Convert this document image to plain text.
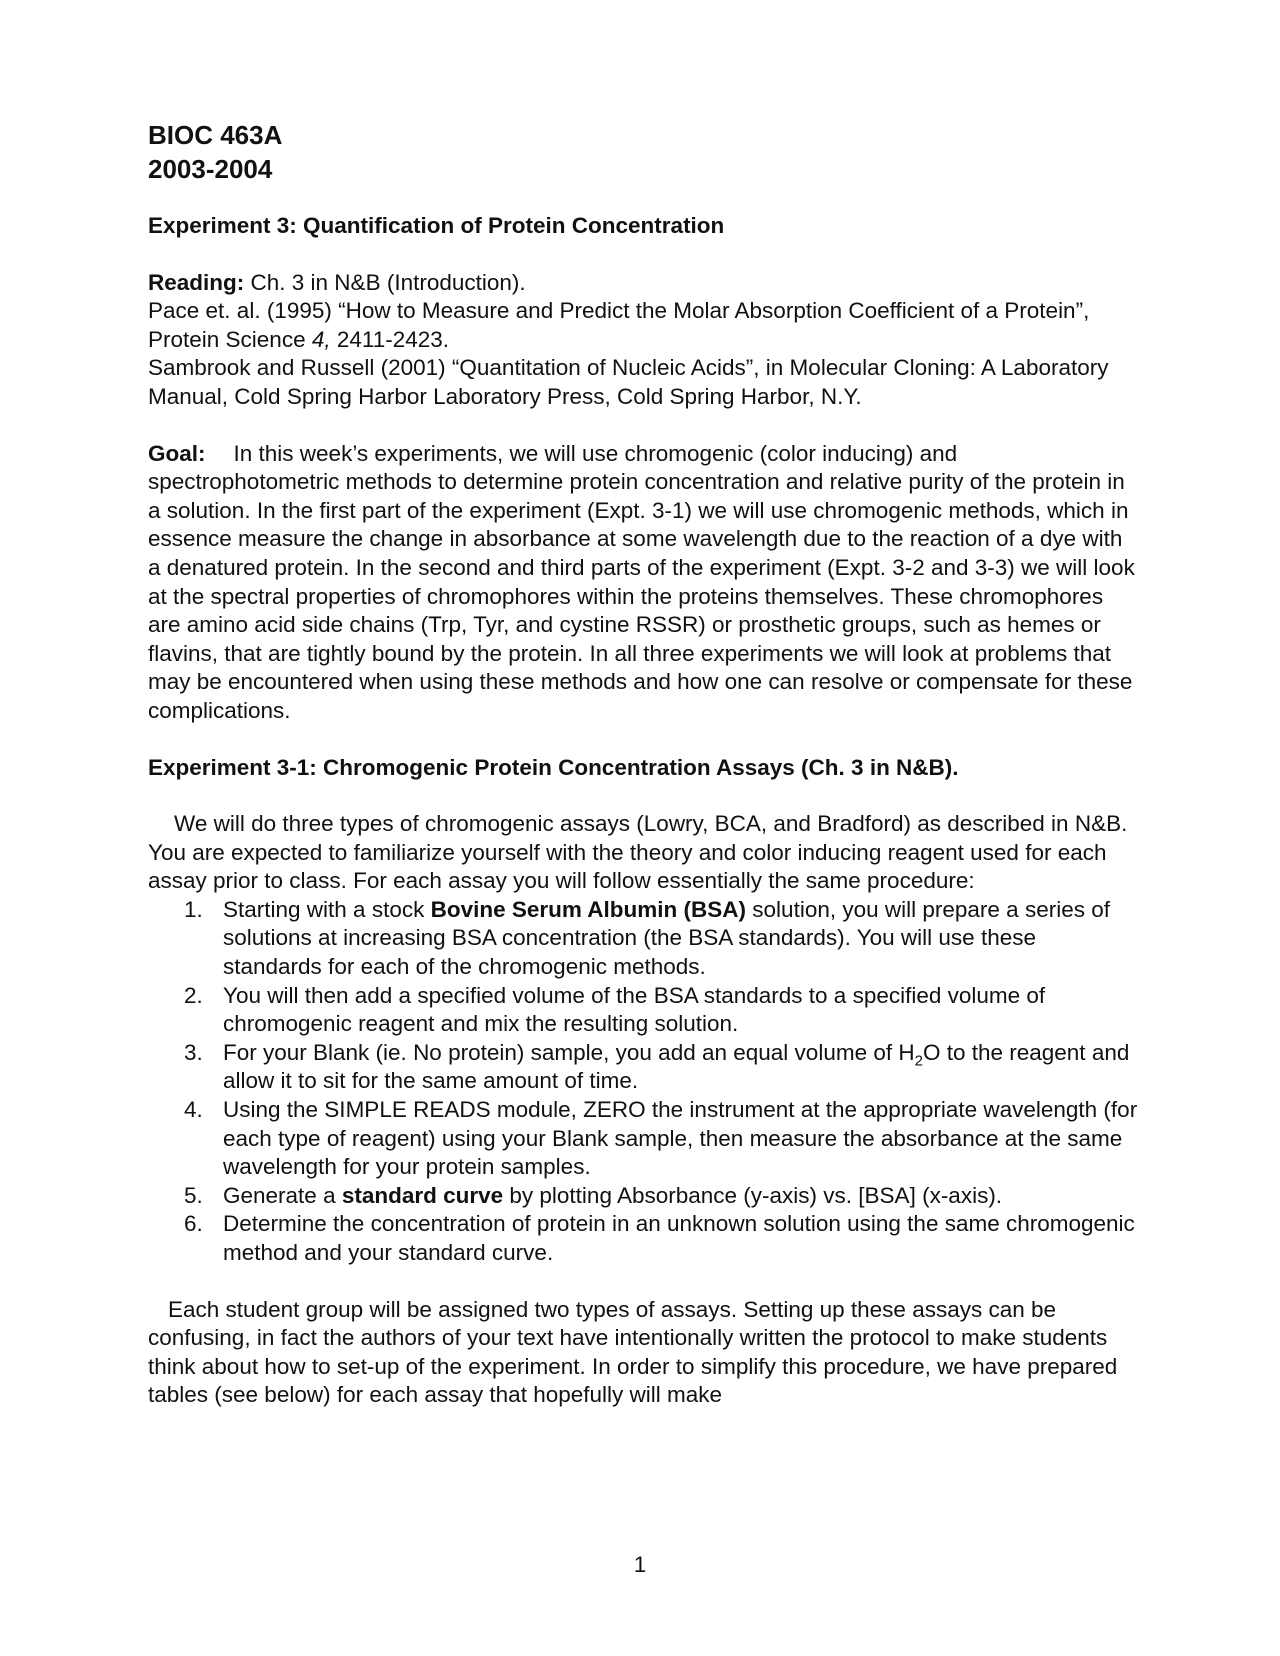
BIOC 463A
2003-2004

Experiment 3: Quantification of Protein Concentration

Reading: Ch. 3 in N&B (Introduction).

Pace et. al. (1995) “How to Measure and Predict the Molar Absorption Coefficient of a Protein”, Protein Science 4, 2411-2423.

Sambrook and Russell (2001) “Quantitation of Nucleic Acids”, in Molecular Cloning: A Laboratory Manual, Cold Spring Harbor Laboratory Press, Cold Spring Harbor, N.Y.

Goal: In this week’s experiments, we will use chromogenic (color inducing) and spectrophotometric methods to determine protein concentration and relative purity of the protein in a solution. In the first part of the experiment (Expt. 3-1) we will use chromogenic methods, which in essence measure the change in absorbance at some wavelength due to the reaction of a dye with a denatured protein. In the second and third parts of the experiment (Expt. 3-2 and 3-3) we will look at the spectral properties of chromophores within the proteins themselves. These chromophores are amino acid side chains (Trp, Tyr, and cystine RSSR) or prosthetic groups, such as hemes or flavins, that are tightly bound by the protein. In all three experiments we will look at problems that may be encountered when using these methods and how one can resolve or compensate for these complications.

Experiment 3-1: Chromogenic Protein Concentration Assays (Ch. 3 in N&B).

We will do three types of chromogenic assays (Lowry, BCA, and Bradford) as described in N&B. You are expected to familiarize yourself with the theory and color inducing reagent used for each assay prior to class. For each assay you will follow essentially the same procedure:

1. Starting with a stock Bovine Serum Albumin (BSA) solution, you will prepare a series of solutions at increasing BSA concentration (the BSA standards). You will use these standards for each of the chromogenic methods.
2. You will then add a specified volume of the BSA standards to a specified volume of chromogenic reagent and mix the resulting solution.
3. For your Blank (ie. No protein) sample, you add an equal volume of $H_2O$ to the reagent and allow it to sit for the same amount of time.
4. Using the SIMPLE READS module, ZERO the instrument at the appropriate wavelength (for each type of reagent) using your Blank sample, then measure the absorbance at the same wavelength for your protein samples.
5. Generate a standard curve by plotting Absorbance (y-axis) vs. [BSA] (x-axis).
6. Determine the concentration of protein in an unknown solution using the same chromogenic method and your standard curve.

Each student group will be assigned two types of assays. Setting up these assays can be confusing, in fact the authors of your text have intentionally written the protocol to make students think about how to set-up of the experiment. In order to simplify this procedure, we have prepared tables (see below) for each assay that hopefully will make

1
